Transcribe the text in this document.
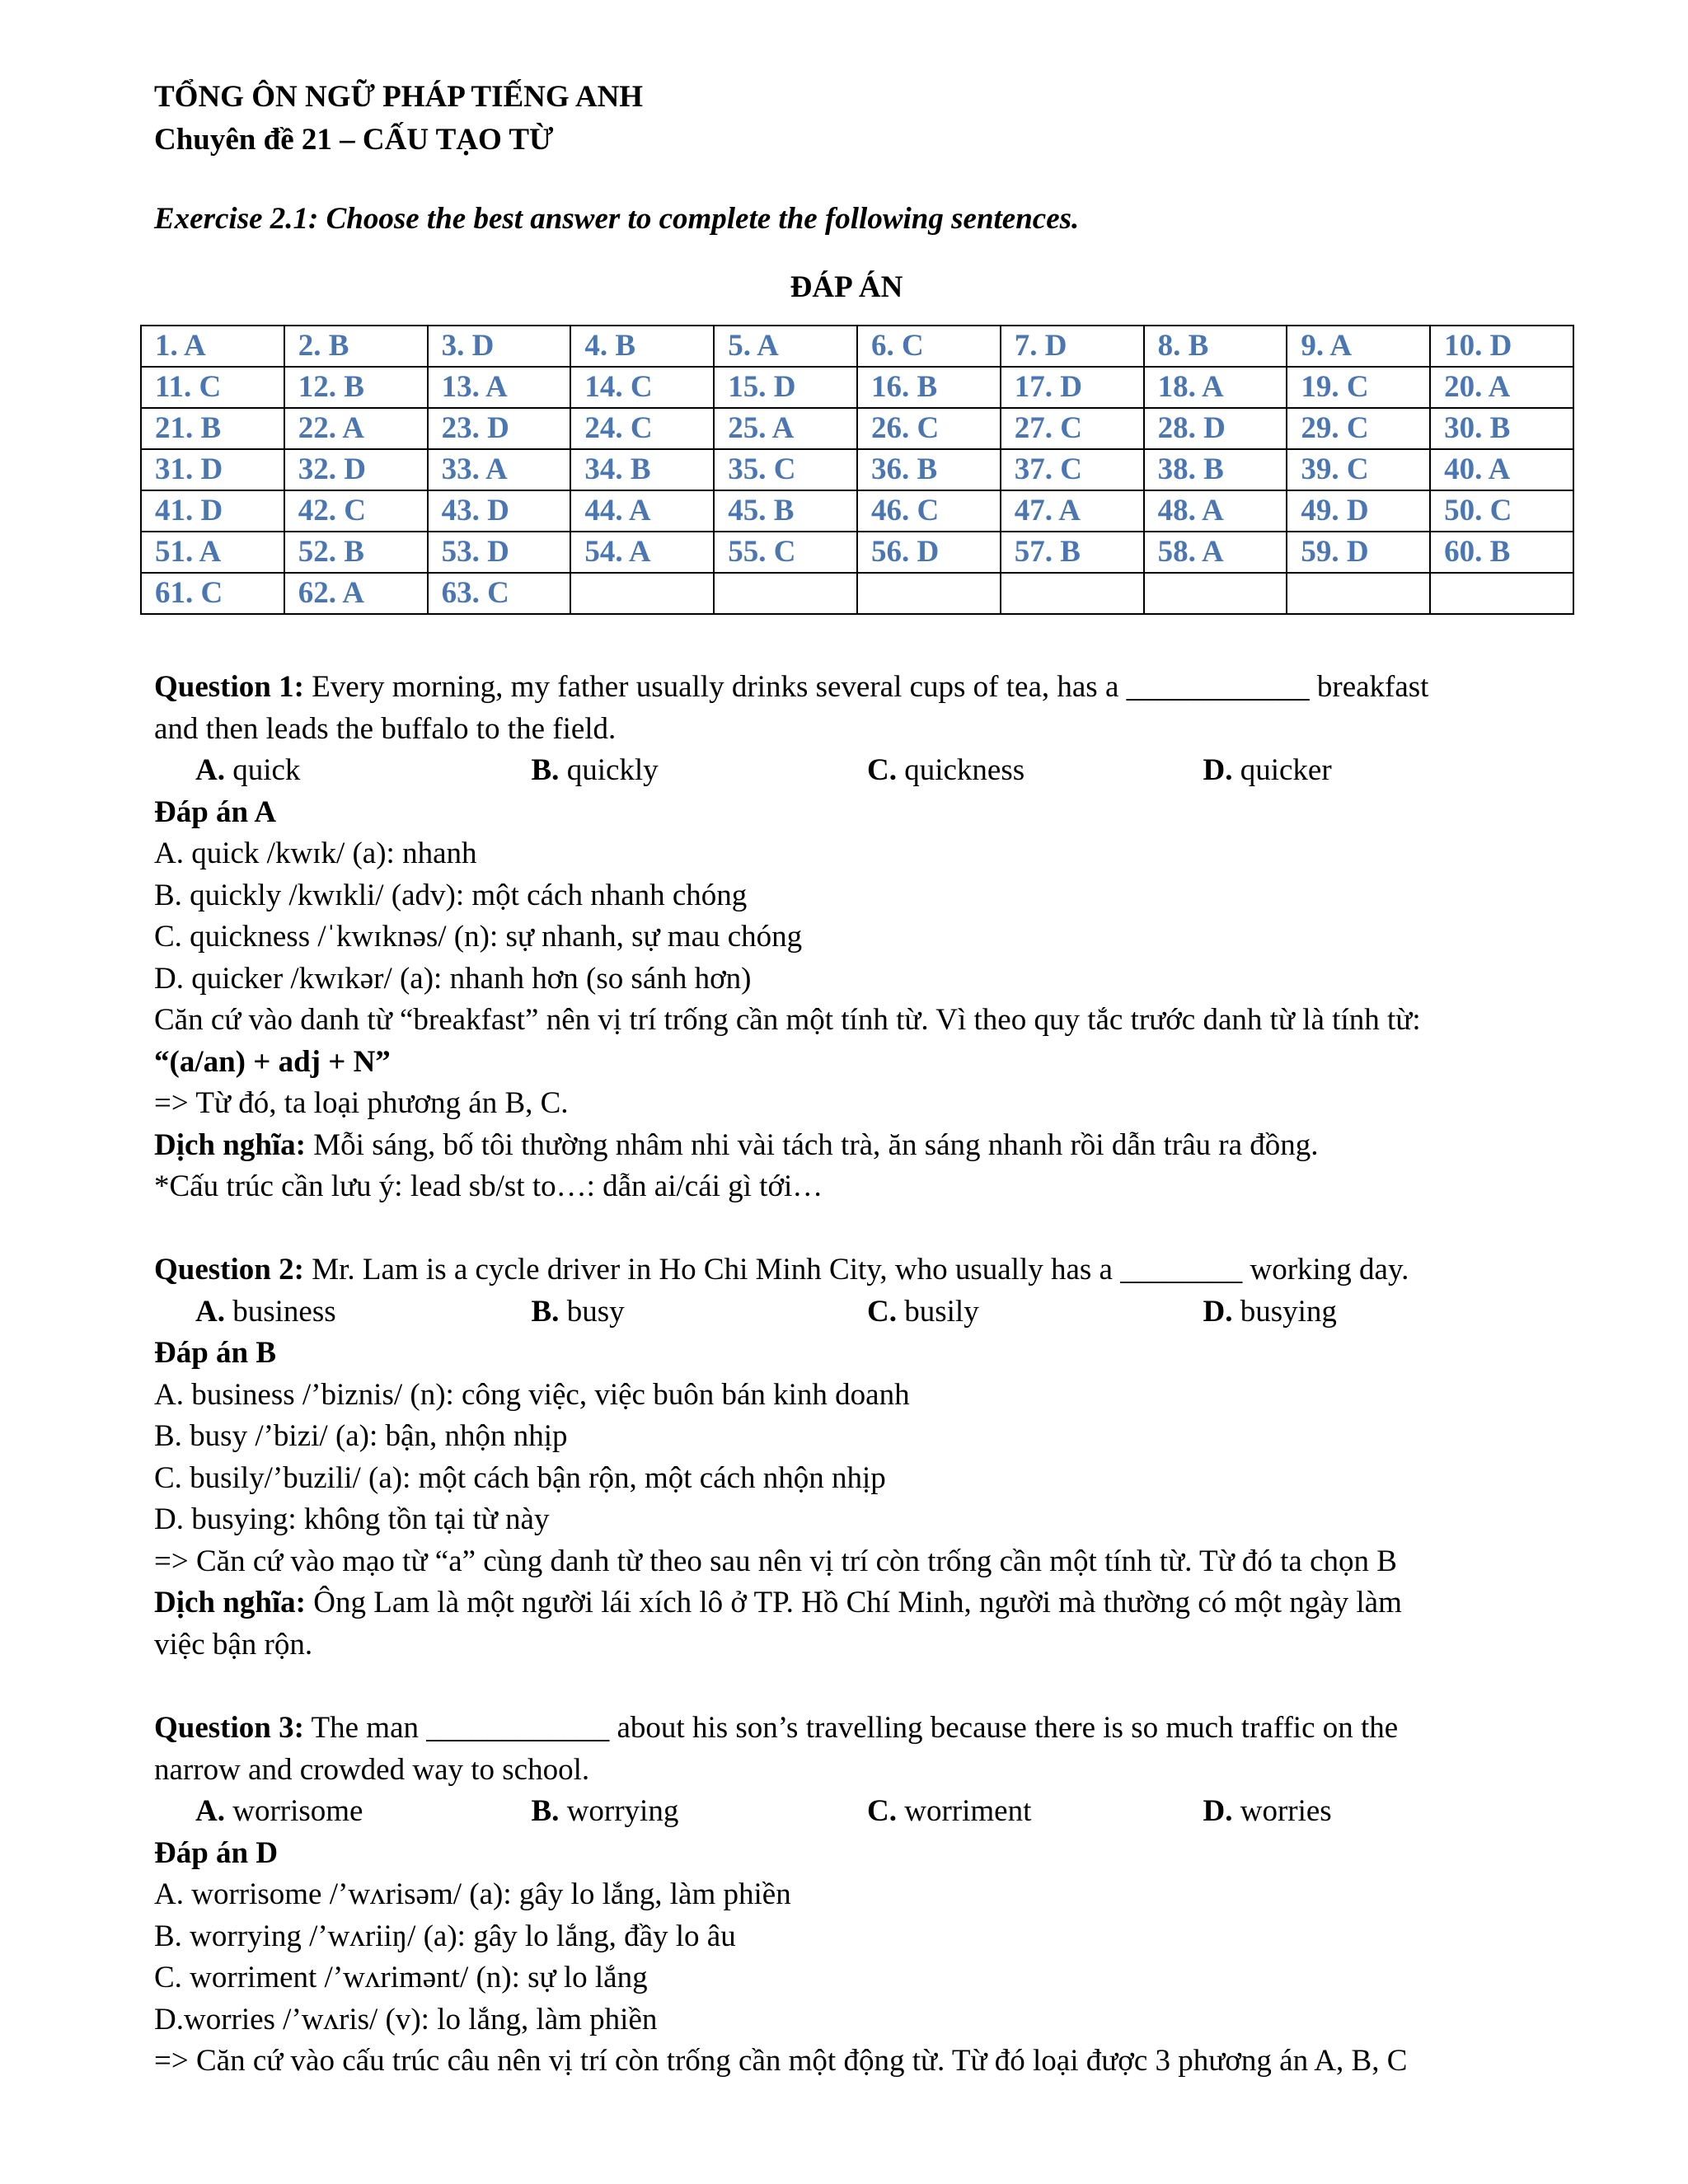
TỔNG ÔN NGỮ PHÁP TIẾNG ANH
Chuyên đề 21 – CẤU TẠO TỪ
Exercise 2.1: Choose the best answer to complete the following sentences.
ĐÁP ÁN
1. A	2. B	3. D	4. B	5. A	6. C	7. D	8. B	9. A	10. D
11. C	12. B	13. A	14. C	15. D	16. B	17. D	18. A	19. C	20. A
21. B	22. A	23. D	24. C	25. A	26. C	27. C	28. D	29. C	30. B
31. D	32. D	33. A	34. B	35. C	36. B	37. C	38. B	39. C	40. A
41. D	42. C	43. D	44. A	45. B	46. C	47. A	48. A	49. D	50. C
51. A	52. B	53. D	54. A	55. C	56. D	57. B	58. A	59. D	60. B
61. C	62. A	63. C							
Question 1: Every morning, my father usually drinks several cups of tea, has a ____________ breakfast
and then leads the buffalo to the field.
A. quick	B. quickly	C. quickness	D. quicker
Đáp án A
A. quick /kwɪk/ (a): nhanh
B. quickly /kwɪkli/ (adv): một cách nhanh chóng
C. quickness /ˈkwɪknəs/ (n): sự nhanh, sự mau chóng
D. quicker /kwɪkər/ (a): nhanh hơn (so sánh hơn)
Căn cứ vào danh từ “breakfast” nên vị trí trống cần một tính từ. Vì theo quy tắc trước danh từ là tính từ:
“(a/an) + adj + N”
=> Từ đó, ta loại phương án B, C.
Dịch nghĩa: Mỗi sáng, bố tôi thường nhâm nhi vài tách trà, ăn sáng nhanh rồi dẫn trâu ra đồng.
*Cấu trúc cần lưu ý: lead sb/st to…: dẫn ai/cái gì tới…
Question 2: Mr. Lam is a cycle driver in Ho Chi Minh City, who usually has a ________ working day.
A. business	B. busy	C. busily	D. busying
Đáp án B
A. business /’biznis/ (n): công việc, việc buôn bán kinh doanh
B. busy /’bizi/ (a): bận, nhộn nhịp
C. busily/’buzili/ (a): một cách bận rộn, một cách nhộn nhịp
D. busying: không tồn tại từ này
=> Căn cứ vào mạo từ “a” cùng danh từ theo sau nên vị trí còn trống cần một tính từ. Từ đó ta chọn B
Dịch nghĩa: Ông Lam là một người lái xích lô ở TP. Hồ Chí Minh, người mà thường có một ngày làm
việc bận rộn.
Question 3: The man ____________ about his son’s travelling because there is so much traffic on the
narrow and crowded way to school.
A. worrisome	B. worrying	C. worriment	D. worries
Đáp án D
A. worrisome /’wʌrisəm/ (a): gây lo lắng, làm phiền
B. worrying /’wʌriiŋ/ (a): gây lo lắng, đầy lo âu
C. worriment /’wʌrimənt/ (n): sự lo lắng
D.worries /’wʌris/ (v): lo lắng, làm phiền
=> Căn cứ vào cấu trúc câu nên vị trí còn trống cần một động từ. Từ đó loại được 3 phương án A, B, C
